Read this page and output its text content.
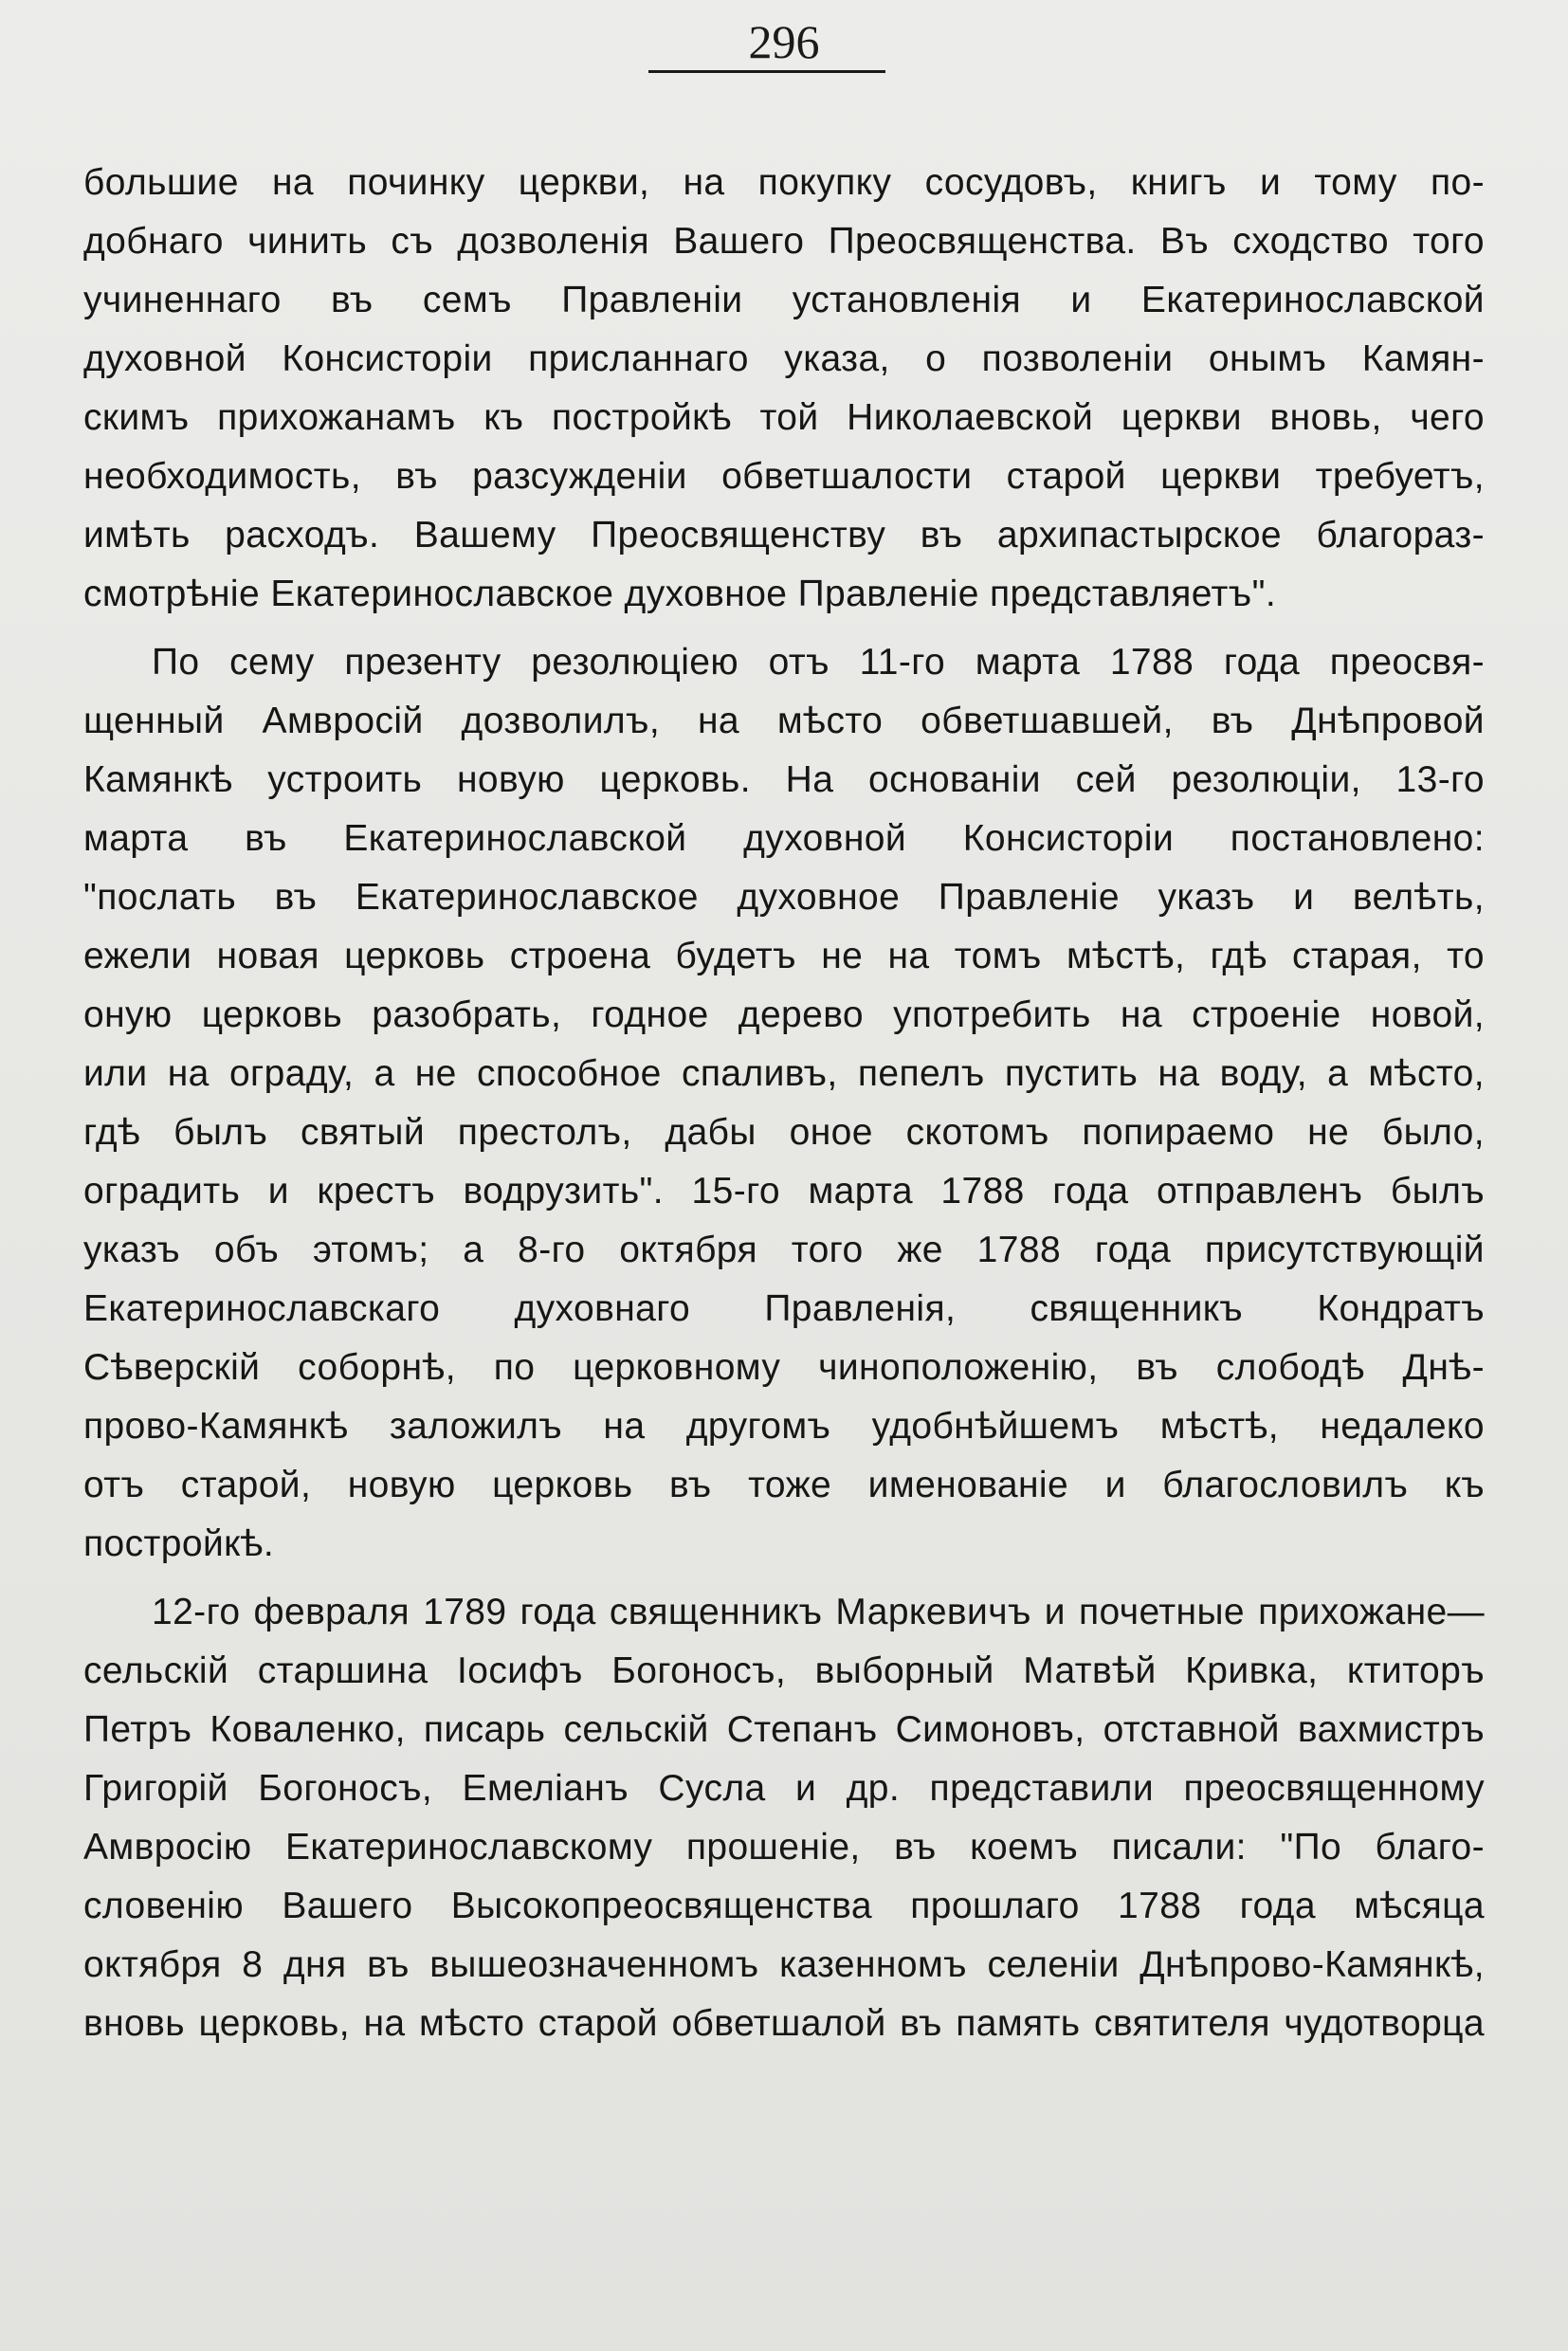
296
большие на починку церкви, на покупку сосудовъ, книгъ и тому по-
добнаго чинить съ дозволенія Вашего Преосвященства. Въ сходство того
учиненнаго въ семъ Правленіи установленія и Екатеринославской
духовной Консисторіи присланнаго указа, о позволеніи онымъ Камян-
скимъ прихожанамъ къ постройкѣ той Николаевской церкви вновь, чего
необходимость, въ разсужденіи обветшалости старой церкви требуетъ,
имѣть расходъ. Вашему Преосвященству въ архипастырское благораз-
смотрѣніе Екатеринославское духовное Правленіе представляетъ".
По сему презенту резолюціею отъ 11-го марта 1788 года преосвя-
щенный Амвросій дозволилъ, на мѣсто обветшавшей, въ Днѣпровой
Камянкѣ устроить новую церковь. На основаніи сей резолюціи, 13-го
марта въ Екатеринославской духовной Консисторіи постановлено:
"послать въ Екатеринославское духовное Правленіе указъ и велѣть,
ежели новая церковь строена будетъ не на томъ мѣстѣ, гдѣ старая, то
оную церковь разобрать, годное дерево употребить на строеніе новой,
или на ограду, а не способное спаливъ, пепелъ пустить на воду, а мѣсто,
гдѣ былъ святый престолъ, дабы оное скотомъ попираемо не было,
оградить и крестъ водрузить". 15-го марта 1788 года отправленъ былъ
указъ объ этомъ; а 8-го октября того же 1788 года присутствующій
Екатеринославскаго духовнаго Правленія, священникъ Кондратъ
Сѣверскій соборнѣ, по церковному чиноположенію, въ слободѣ Днѣ-
прово-Камянкѣ заложилъ на другомъ удобнѣйшемъ мѣстѣ, недалеко
отъ старой, новую церковь въ тоже именованіе и благословилъ къ
постройкѣ.
12-го февраля 1789 года священникъ Маркевичъ и почетные прихожане—
сельскій старшина Іосифъ Богоносъ, выборный Матвѣй Кривка, ктиторъ
Петръ Коваленко, писарь сельскій Степанъ Симоновъ, отставной вахмистръ
Григорій Богоносъ, Емеліанъ Сусла и др. представили преосвященному
Амвросію Екатеринославскому прошеніе, въ коемъ писали: "По благо-
словенію Вашего Высокопреосвященства прошлаго 1788 года мѣсяца
октября 8 дня въ вышеозначенномъ казенномъ селеніи Днѣпрово-Камянкѣ,
вновь церковь, на мѣсто старой обветшалой въ память святителя чудотворца
